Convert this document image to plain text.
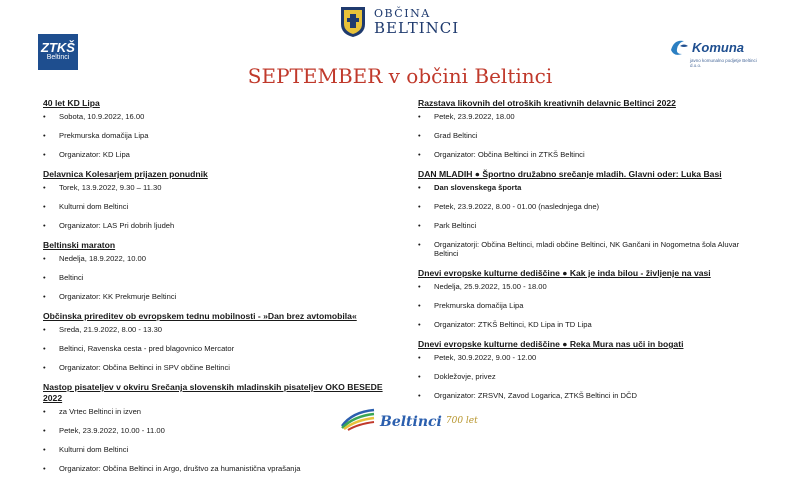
OBČINA
BELTINCI
ZTKŠ
Beltinci
Komuna
javno komunalno podjetje Beltinci d.o.o.
SEPTEMBER v občini Beltinci
40 let KD Lipa
• Sobota, 10.9.2022, 16.00
• Prekmurska domačija Lipa
• Organizator: KD Lipa
Delavnica Kolesarjem prijazen ponudnik
• Torek, 13.9.2022, 9.30 – 11.30
• Kulturni dom Beltinci
• Organizator: LAS Pri dobrih ljudeh
Beltinski maraton
• Nedelja, 18.9.2022, 10.00
• Beltinci
• Organizator: KK Prekmurje Beltinci
Občinska prireditev ob evropskem tednu mobilnosti - »Dan brez avtomobila«
• Sreda, 21.9.2022, 8.00 - 13.30
• Beltinci, Ravenska cesta - pred blagovnico Mercator
• Organizator: Občina Beltinci in SPV občine Beltinci
Nastop pisateljev v okviru Srečanja slovenskih mladinskih pisateljev OKO BESEDE 2022
• za Vrtec Beltinci in izven
• Petek, 23.9.2022, 10.00 - 11.00
• Kulturni dom Beltinci
• Organizator: Občina Beltinci in Argo, društvo za humanistična vprašanja
Razstava likovnih del otroških kreativnih delavnic Beltinci 2022
• Petek, 23.9.2022, 18.00
• Grad Beltinci
• Organizator: Občina Beltinci in ZTKŠ Beltinci
DAN MLADIH ● Športno družabno srečanje mladih. Glavni oder: Luka Basi
• Dan slovenskega športa
• Petek, 23.9.2022, 8.00 - 01.00 (naslednjega dne)
• Park Beltinci
• Organizatorji: Občina Beltinci, mladi občine Beltinci, NK Gančani in Nogometna šola Aluvar Beltinci
Dnevi evropske kulturne dediščine ● Kak je inda bilou - življenje na vasi
• Nedelja, 25.9.2022, 15.00 - 18.00
• Prekmurska domačija Lipa
• Organizator: ZTKŠ Beltinci, KD Lipa in TD Lipa
Dnevi evropske kulturne dediščine ● Reka Mura nas uči in bogati
• Petek, 30.9.2022, 9.00 - 12.00
• Dokležovje, privez
• Organizator: ZRSVN, Zavod Logarica, ZTKŠ Beltinci in DČD
Beltinci 700 let
